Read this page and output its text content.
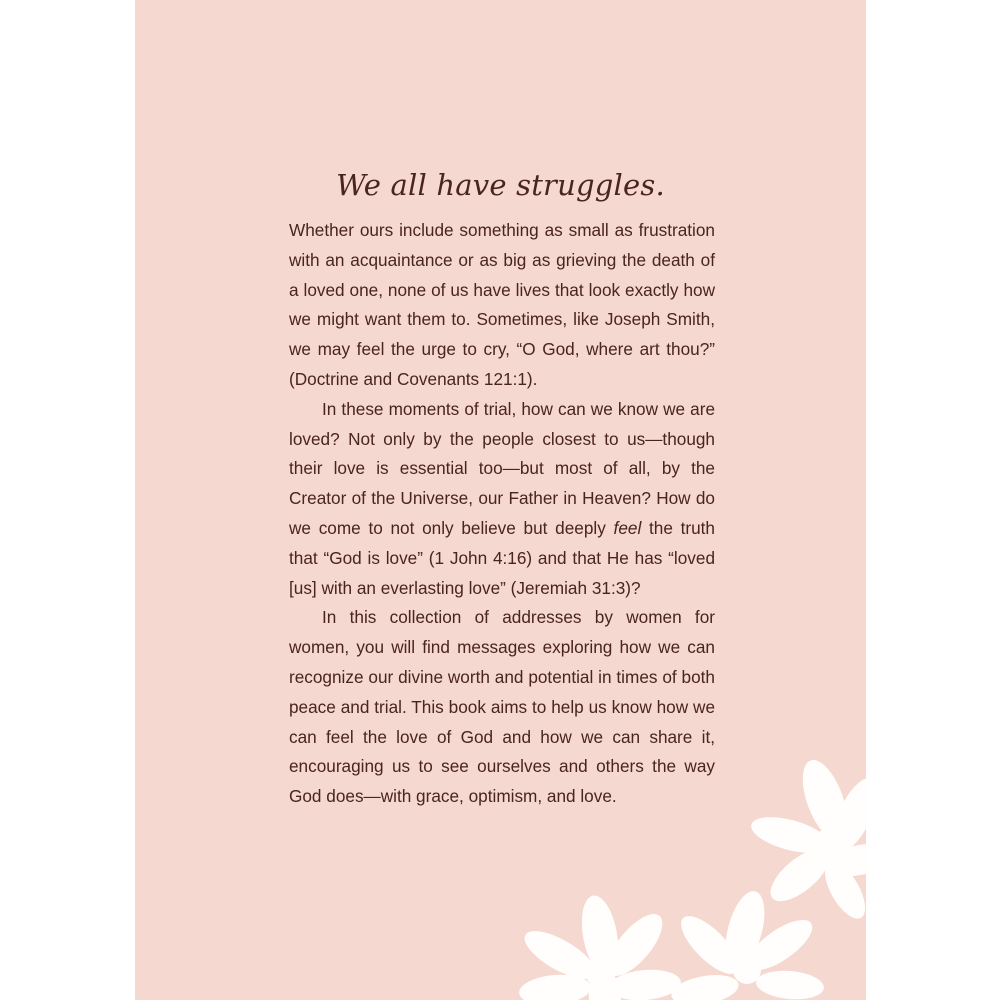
We all have struggles.

Whether ours include something as small as frustration with an acquaintance or as big as grieving the death of a loved one, none of us have lives that look exactly how we might want them to. Sometimes, like Joseph Smith, we may feel the urge to cry, “O God, where art thou?” (Doctrine and Covenants 121:1).

In these moments of trial, how can we know we are loved? Not only by the people closest to us—though their love is essential too—but most of all, by the Creator of the Universe, our Father in Heaven? How do we come to not only believe but deeply feel the truth that “God is love” (1 John 4:16) and that He has “loved [us] with an everlasting love” (Jeremiah 31:3)?

In this collection of addresses by women for women, you will find messages exploring how we can recognize our divine worth and potential in times of both peace and trial. This book aims to help us know how we can feel the love of God and how we can share it, encouraging us to see ourselves and others the way God does—with grace, optimism, and love.
